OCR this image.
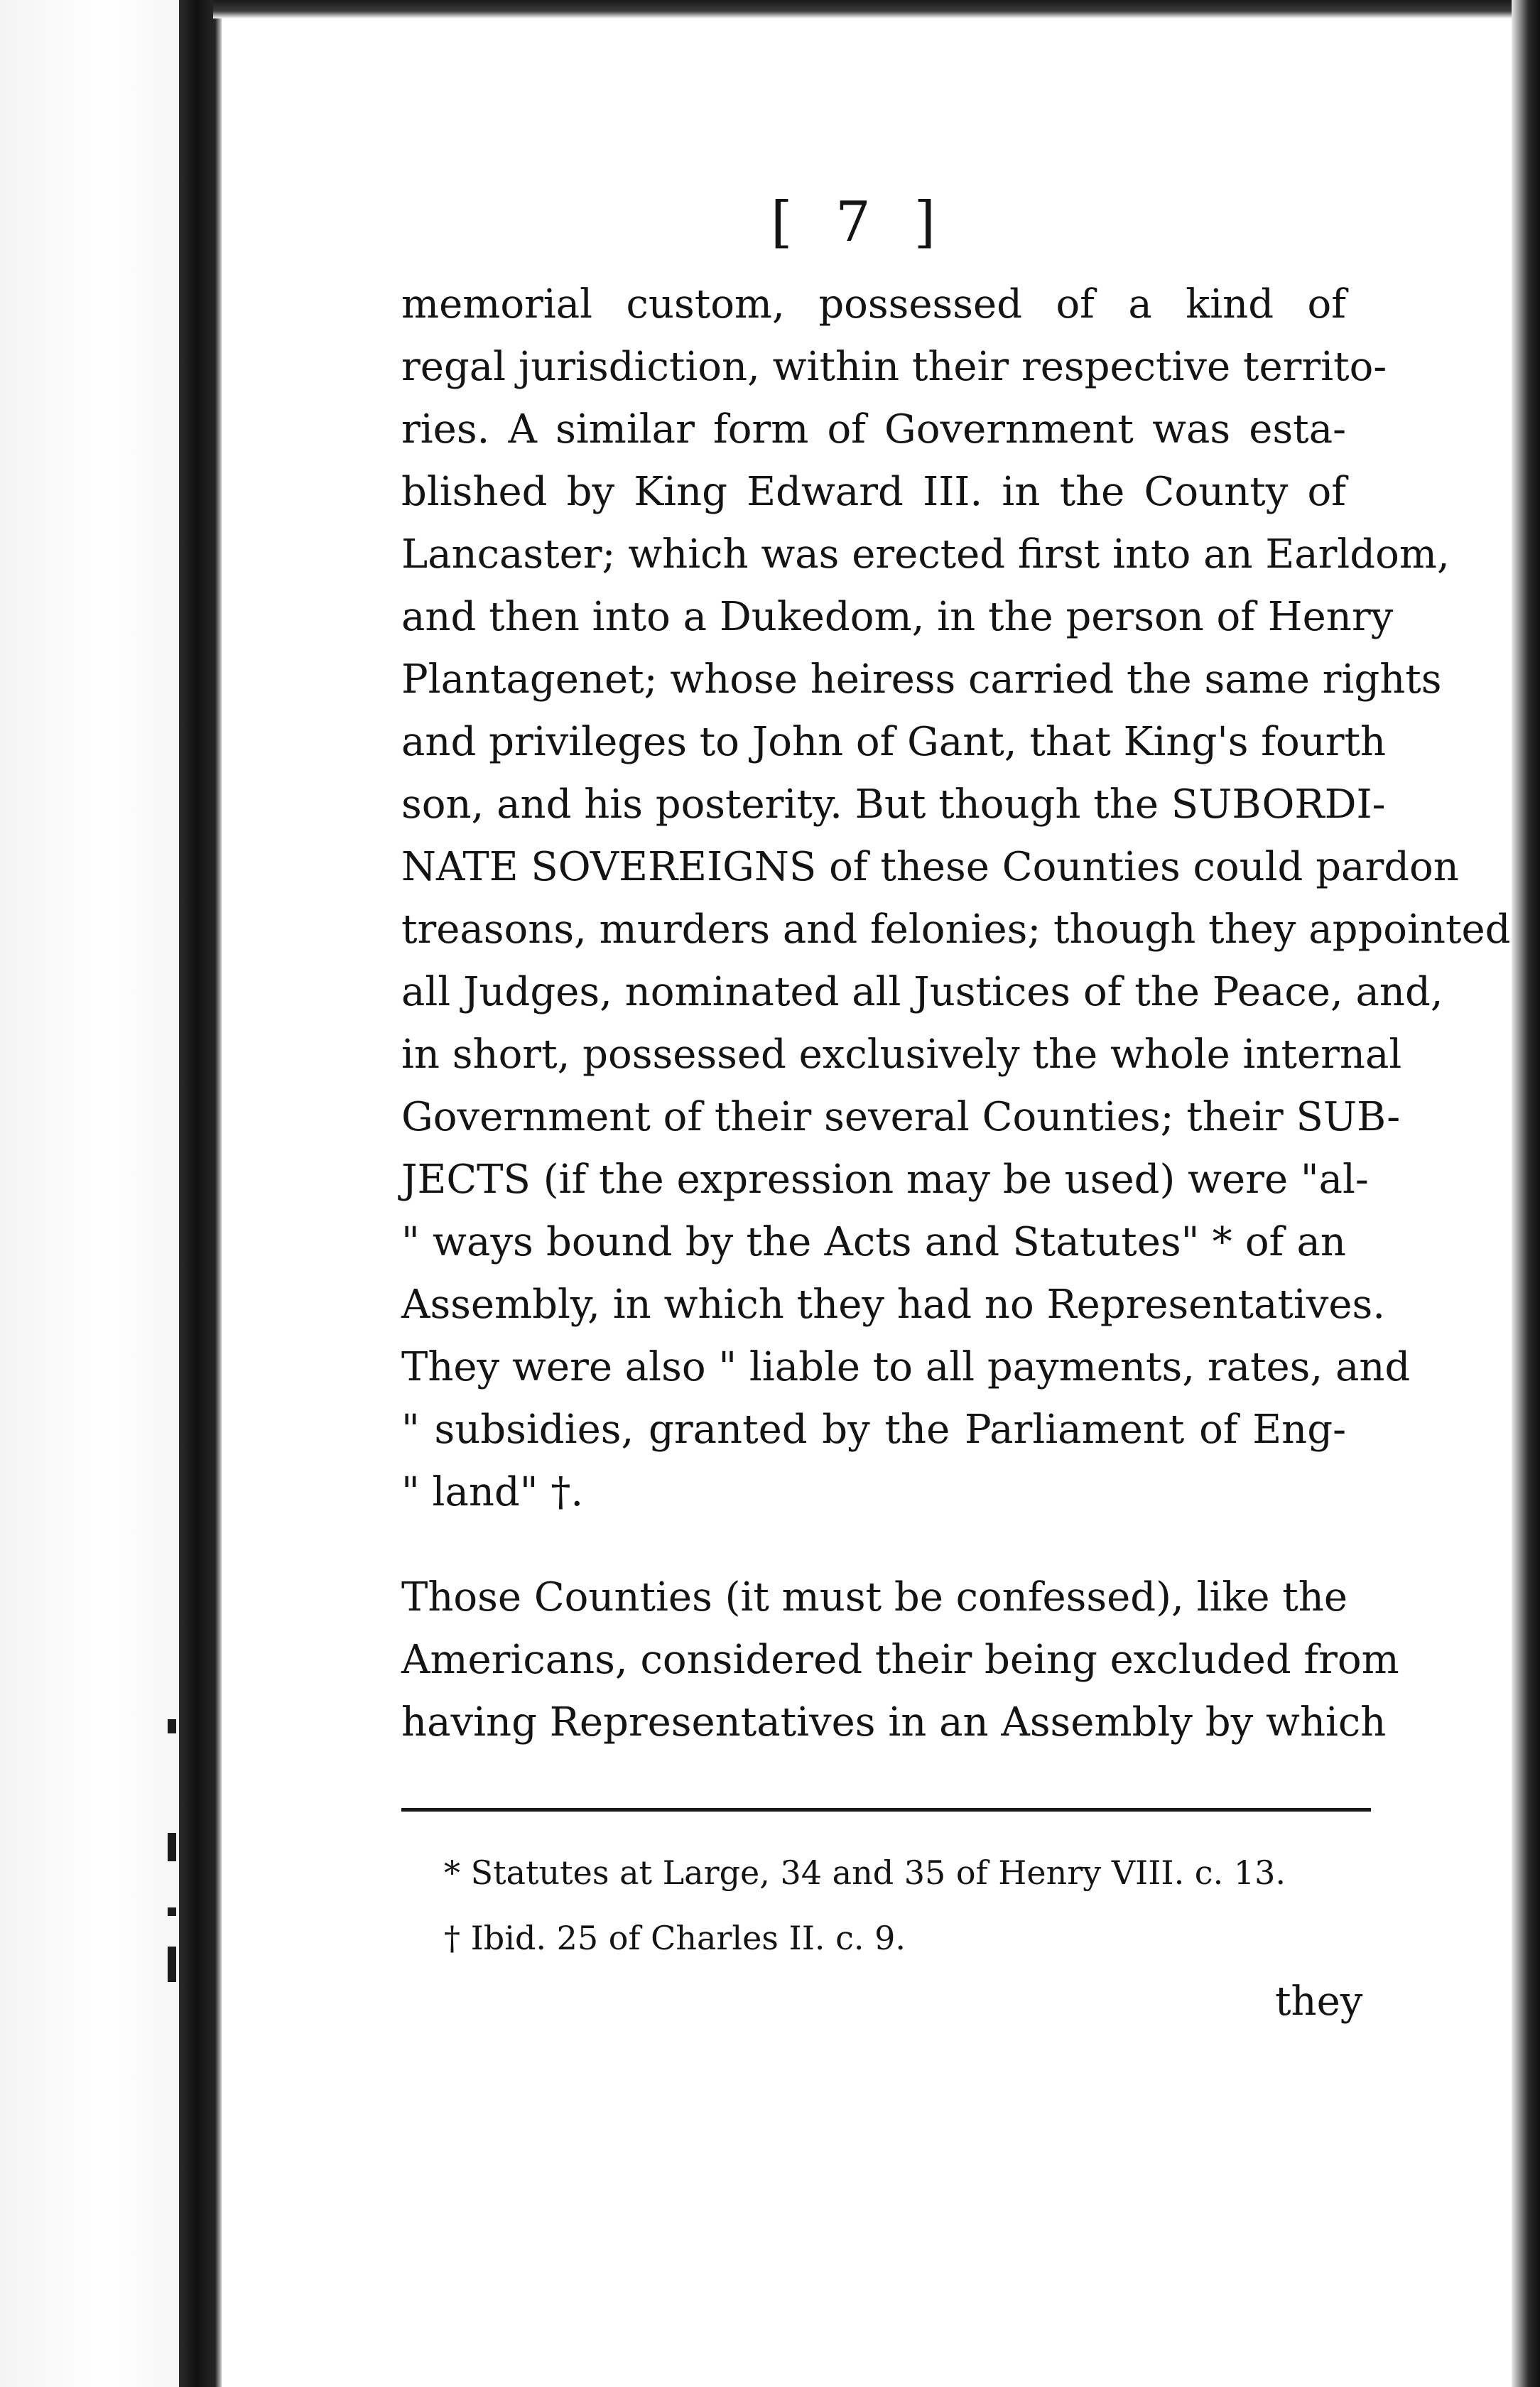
[ 7 ]
memorial custom, possessed of a kind of
regal jurisdiction, within their respective territo-
ries. A similar form of Government was esta-
blished by King Edward III. in the County of
Lancaster; which was erected first into an Earldom,
and then into a Dukedom, in the person of Henry
Plantagenet; whose heiress carried the same rights
and privileges to John of Gant, that King's fourth
son, and his posterity. But though the SUBORDI-
NATE SOVEREIGNS of these Counties could pardon
treasons, murders and felonies; though they appointed
all Judges, nominated all Justices of the Peace, and,
in short, possessed exclusively the whole internal
Government of their several Counties; their SUB-
JECTS (if the expression may be used) were "al-
" ways bound by the Acts and Statutes" * of an
Assembly, in which they had no Representatives.
They were also " liable to all payments, rates, and
" subsidies, granted by the Parliament of Eng-
" land" †.
Those Counties (it must be confessed), like the
Americans, considered their being excluded from
having Representatives in an Assembly by which
* Statutes at Large, 34 and 35 of Henry VIII. c. 13.
† Ibid. 25 of Charles II. c. 9.
they
